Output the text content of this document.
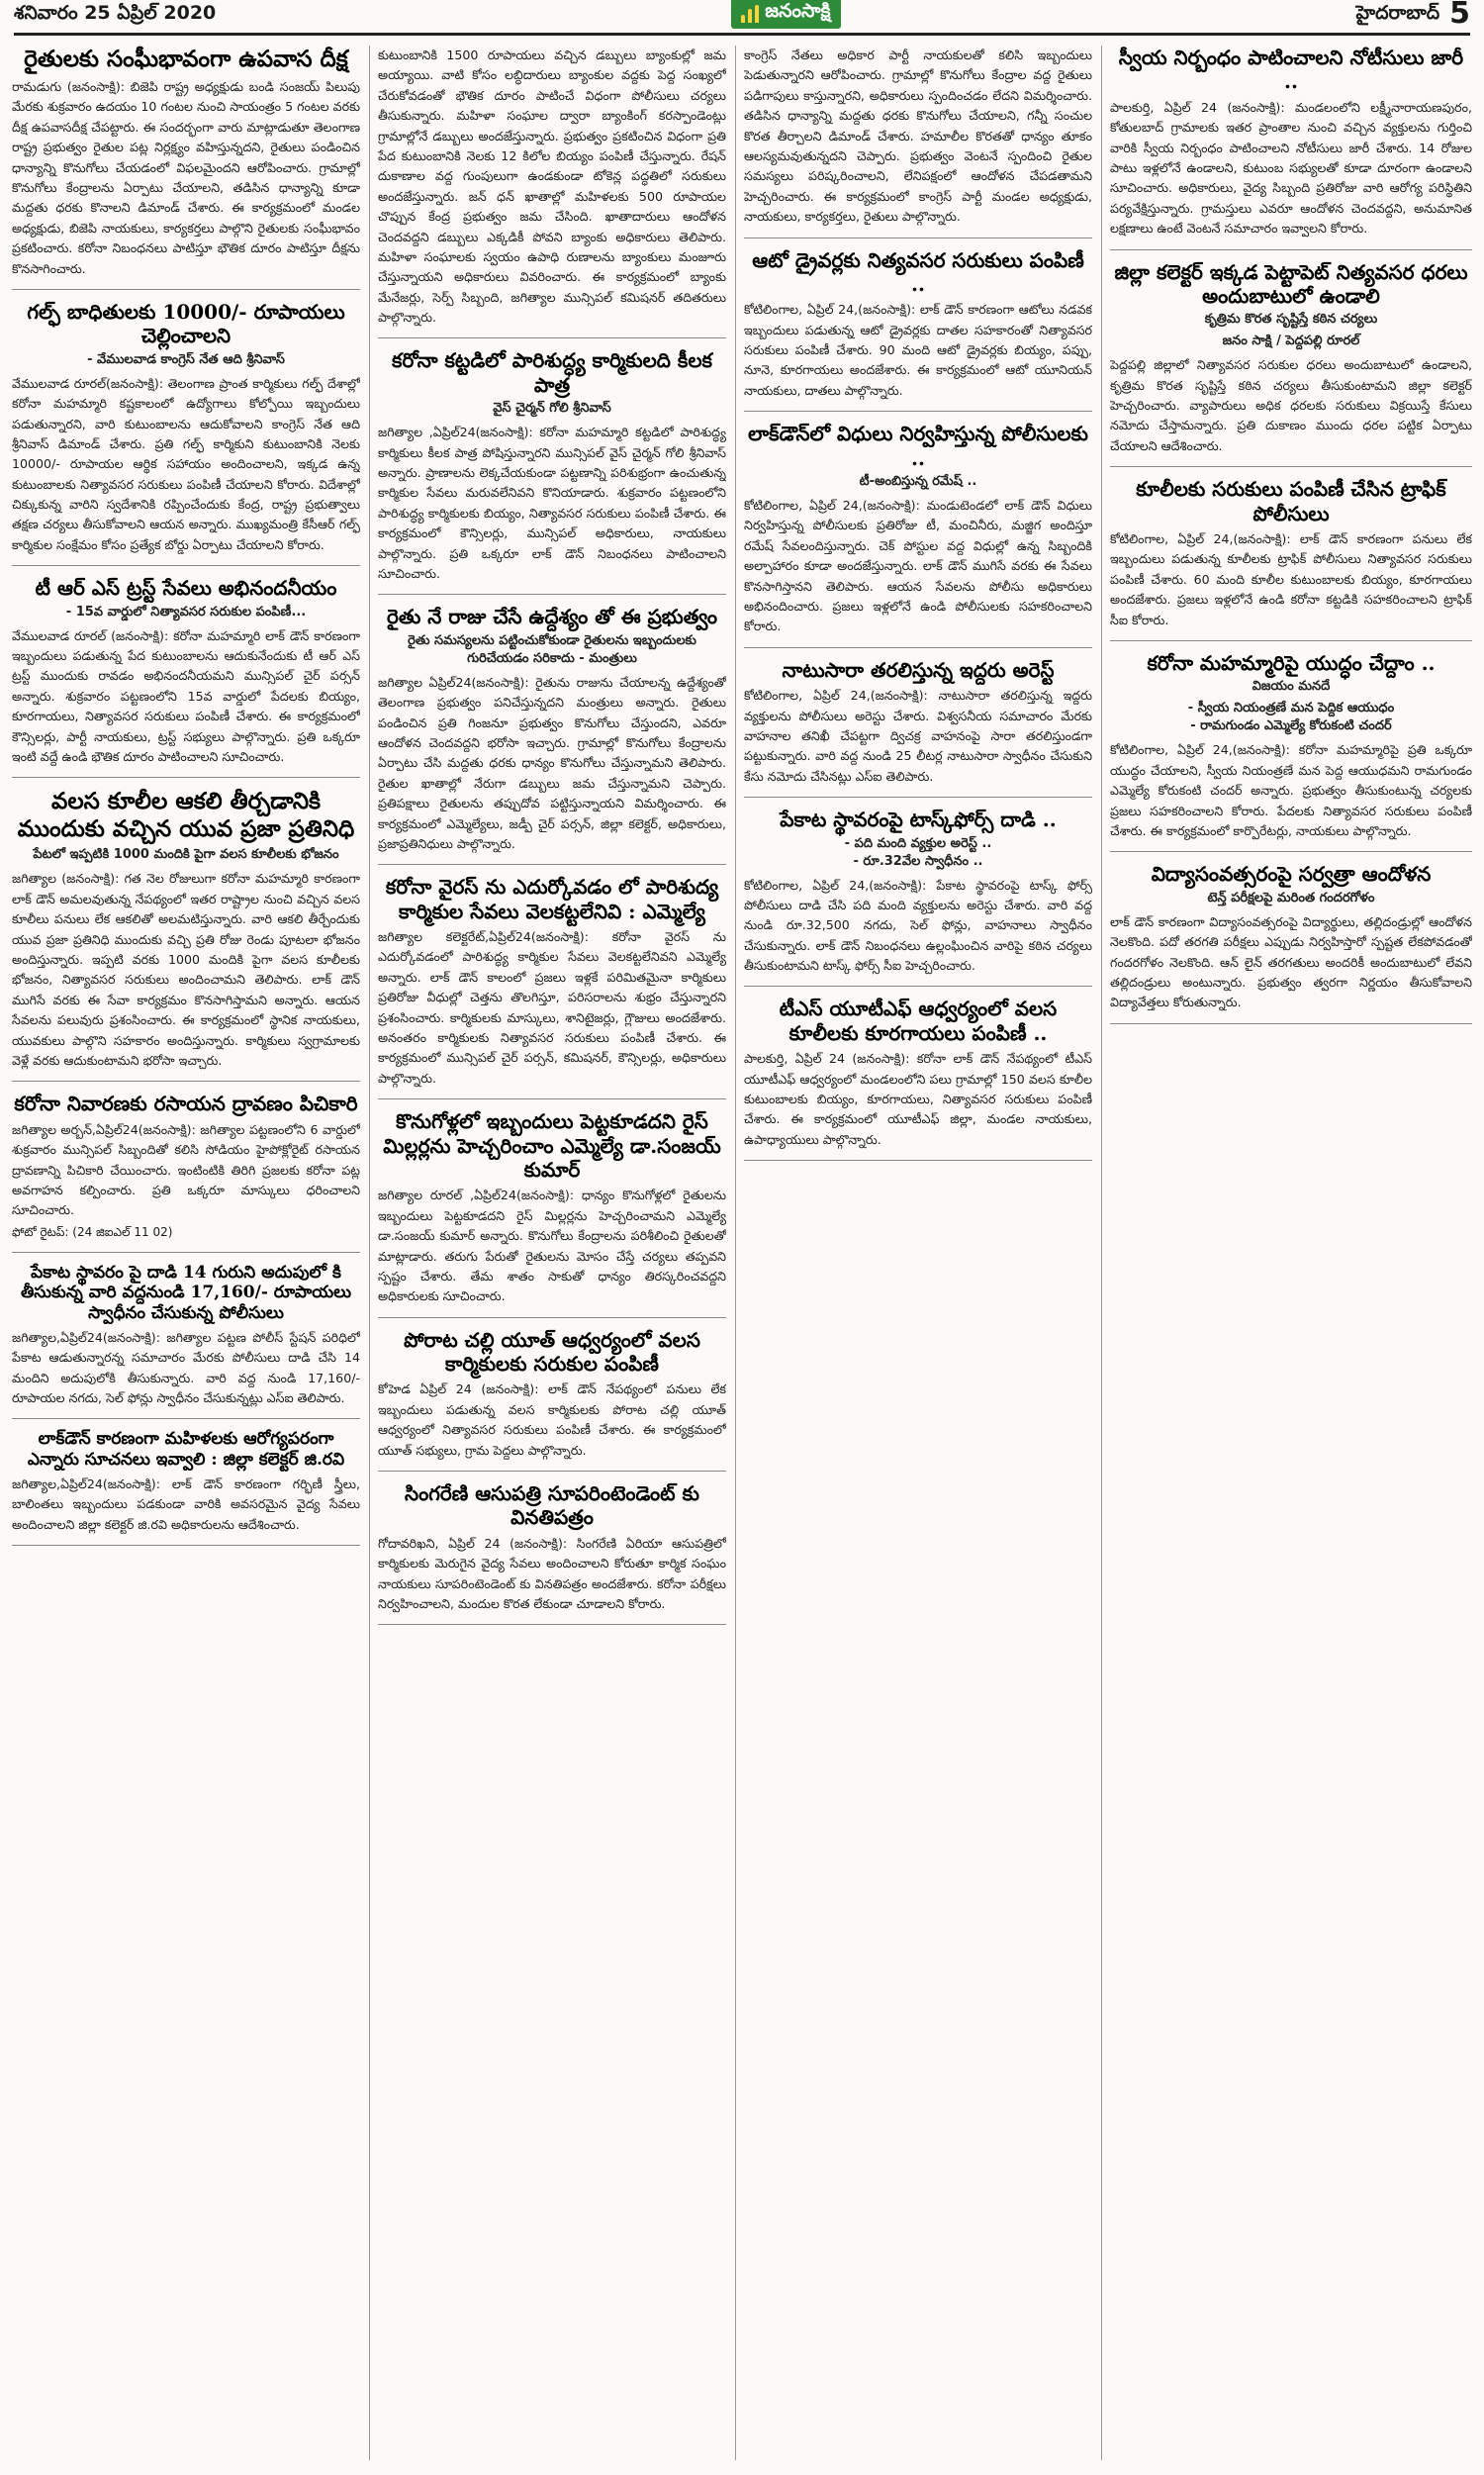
శనివారం 25 ఏప్రిల్ 2020	జనంసాక్షి	హైదరాబాద్ 5
రైతులకు సంఘీభావంగా ఉపవాస దీక్ష

రామడుగు (జనంసాక్షి): బిజెపి రాష్ట్ర అధ్యక్షుడు బండి సంజయ్ పిలుపు మేరకు శుక్రవారం ఉదయం 10 గంటల నుంచి సాయంత్రం 5 గంటల వరకు దీక్ష ఉపవాసదీక్ష చేపట్టారు. ఈ సందర్భంగా వారు మాట్లాడుతూ తెలంగాణ రాష్ట్ర ప్రభుత్వం రైతుల పట్ల నిర్లక్ష్యం వహిస్తున్నదని, రైతులు పండించిన ధాన్యాన్ని కొనుగోలు చేయడంలో విఫలమైందని ఆరోపించారు. గ్రామాల్లో కొనుగోలు కేంద్రాలను ఏర్పాటు చేయాలని, తడిసిన ధాన్యాన్ని కూడా మద్దతు ధరకు కొనాలని డిమాండ్ చేశారు. ఈ కార్యక్రమంలో మండల అధ్యక్షుడు, బిజెపి నాయకులు, కార్యకర్తలు పాల్గొని రైతులకు సంఘీభావం ప్రకటించారు. కరోనా నిబంధనలు పాటిస్తూ భౌతిక దూరం పాటిస్తూ దీక్షను కొనసాగించారు.

గల్ఫ్ బాధితులకు 10000/- రూపాయలు చెల్లించాలని
- వేములవాడ కాంగ్రెస్ నేత ఆది శ్రీనివాస్

వేములవాడ రూరల్(జనంసాక్షి): తెలంగాణ ప్రాంత కార్మికులు గల్ఫ్ దేశాల్లో కరోనా మహమ్మారి కష్టకాలంలో ఉద్యోగాలు కోల్పోయి ఇబ్బందులు పడుతున్నారని, వారి కుటుంబాలను ఆదుకోవాలని కాంగ్రెస్ నేత ఆది శ్రీనివాస్ డిమాండ్ చేశారు. ప్రతి గల్ఫ్ కార్మికుని కుటుంబానికి నెలకు 10000/- రూపాయల ఆర్థిక సహాయం అందించాలని, ఇక్కడ ఉన్న కుటుంబాలకు నిత్యావసర సరుకులు పంపిణీ చేయాలని కోరారు. విదేశాల్లో చిక్కుకున్న వారిని స్వదేశానికి రప్పించేందుకు కేంద్ర, రాష్ట్ర ప్రభుత్వాలు తక్షణ చర్యలు తీసుకోవాలని ఆయన అన్నారు. ముఖ్యమంత్రి కేసీఆర్ గల్ఫ్ కార్మికుల సంక్షేమం కోసం ప్రత్యేక బోర్డు ఏర్పాటు చేయాలని కోరారు.

టీ ఆర్ ఎస్ ట్రస్ట్ సేవలు అభినందనీయం
- 15వ వార్డులో నిత్యావసర సరుకుల పంపిణీ...

వేములవాడ రూరల్ (జనంసాక్షి): కరోనా మహమ్మారి లాక్ డౌన్ కారణంగా ఇబ్బందులు పడుతున్న పేద కుటుంబాలను ఆదుకునేందుకు టీ ఆర్ ఎస్ ట్రస్ట్ ముందుకు రావడం అభినందనీయమని మున్సిపల్ చైర్ పర్సన్ అన్నారు. శుక్రవారం పట్టణంలోని 15వ వార్డులో పేదలకు బియ్యం, కూరగాయలు, నిత్యావసర సరుకులు పంపిణీ చేశారు. ఈ కార్యక్రమంలో కౌన్సిలర్లు, పార్టీ నాయకులు, ట్రస్ట్ సభ్యులు పాల్గొన్నారు. ప్రతి ఒక్కరూ ఇంటి వద్దే ఉండి భౌతిక దూరం పాటించాలని సూచించారు.

వలస కూలీల ఆకలి తీర్చడానికి ముందుకు వచ్చిన యువ ప్రజా ప్రతినిధి
పేటలో ఇప్పటికి 1000 మందికి పైగా వలస కూలీలకు భోజనం

జగిత్యాల (జనంసాక్షి): గత నెల రోజులుగా కరోనా మహమ్మారి కారణంగా లాక్ డౌన్ అమలవుతున్న నేపథ్యంలో ఇతర రాష్ట్రాల నుంచి వచ్చిన వలస కూలీలు పనులు లేక ఆకలితో అలమటిస్తున్నారు. వారి ఆకలి తీర్చేందుకు యువ ప్రజా ప్రతినిధి ముందుకు వచ్చి ప్రతి రోజు రెండు పూటలా భోజనం అందిస్తున్నారు. ఇప్పటి వరకు 1000 మందికి పైగా వలస కూలీలకు భోజనం, నిత్యావసర సరుకులు అందించామని తెలిపారు. లాక్ డౌన్ ముగిసే వరకు ఈ సేవా కార్యక్రమం కొనసాగిస్తామని అన్నారు. ఆయన సేవలను పలువురు ప్రశంసించారు. ఈ కార్యక్రమంలో స్థానిక నాయకులు, యువకులు పాల్గొని సహకారం అందిస్తున్నారు. కార్మికులు స్వగ్రామాలకు వెళ్లే వరకు ఆదుకుంటామని భరోసా ఇచ్చారు.

కరోనా నివారణకు రసాయన ద్రావణం పిచికారి

జగిత్యాల అర్బన్,ఏప్రిల్24(జనంసాక్షి): జగిత్యాల పట్టణంలోని 6 వార్డులో శుక్రవారం మున్సిపల్ సిబ్బందితో కలిసి సోడియం హైపోక్లోరైట్ రసాయన ద్రావణాన్ని పిచికారి చేయించారు. ఇంటింటికి తిరిగి ప్రజలకు కరోనా పట్ల అవగాహన కల్పించారు. ప్రతి ఒక్కరూ మాస్కులు ధరించాలని సూచించారు.

ఫోటో రైటప్: (24 జిఐఎల్ 11 02)
పేకాట స్థావరం పై దాడి 14 గురుని అదుపులో కి తీసుకున్న వారి వద్దనుండి 17,160/- రూపాయలు స్వాధీనం చేసుకున్న పోలీసులు

జగిత్యాల,ఏప్రిల్24(జనంసాక్షి): జగిత్యాల పట్టణ పోలీస్ స్టేషన్ పరిధిలో పేకాట ఆడుతున్నారన్న సమాచారం మేరకు పోలీసులు దాడి చేసి 14 మందిని అదుపులోకి తీసుకున్నారు. వారి వద్ద నుండి 17,160/- రూపాయల నగదు, సెల్ ఫోన్లు స్వాధీనం చేసుకున్నట్లు ఎస్ఐ తెలిపారు.

లాక్‌డౌన్ కారణంగా మహిళలకు ఆరోగ్యపరంగా ఎన్నారు సూచనలు ఇవ్వాలి : జిల్లా కలెక్టర్ జి.రవి

జగిత్యాల,ఏప్రిల్24(జనంసాక్షి): లాక్ డౌన్ కారణంగా గర్భిణీ స్త్రీలు, బాలింతలు ఇబ్బందులు పడకుండా వారికి అవసరమైన వైద్య సేవలు అందించాలని జిల్లా కలెక్టర్ జి.రవి అధికారులను ఆదేశించారు.

కుటుంబానికి 1500 రూపాయలు వచ్చిన డబ్బులు బ్యాంకుల్లో జమ అయ్యాయి. వాటి కోసం లబ్ధిదారులు బ్యాంకుల వద్దకు పెద్ద సంఖ్యలో చేరుకోవడంతో భౌతిక దూరం పాటించే విధంగా పోలీసులు చర్యలు తీసుకున్నారు. మహిళా సంఘాల ద్వారా బ్యాంకింగ్ కరస్పాండెంట్లు గ్రామాల్లోనే డబ్బులు అందజేస్తున్నారు. ప్రభుత్వం ప్రకటించిన విధంగా ప్రతి పేద కుటుంబానికి నెలకు 12 కిలోల బియ్యం పంపిణీ చేస్తున్నారు. రేషన్ దుకాణాల వద్ద గుంపులుగా ఉండకుండా టోకెన్ల పద్ధతిలో సరుకులు అందజేస్తున్నారు. జన్ ధన్ ఖాతాల్లో మహిళలకు 500 రూపాయల చొప్పున కేంద్ర ప్రభుత్వం జమ చేసింది. ఖాతాదారులు ఆందోళన చెందవద్దని డబ్బులు ఎక్కడికీ పోవని బ్యాంకు అధికారులు తెలిపారు. మహిళా సంఘాలకు స్వయం ఉపాధి రుణాలను బ్యాంకులు మంజూరు చేస్తున్నాయని అధికారులు వివరించారు. ఈ కార్యక్రమంలో బ్యాంకు మేనేజర్లు, సెర్ప్ సిబ్బంది, జగిత్యాల మున్సిపల్ కమిషనర్ తదితరులు పాల్గొన్నారు.

కరోనా కట్టడిలో పారిశుద్ధ్య కార్మికులది కీలక పాత్ర
వైస్ చైర్మన్ గోలి శ్రీనివాస్

జగిత్యాల ,ఏప్రిల్24(జనంసాక్షి): కరోనా మహమ్మారి కట్టడిలో పారిశుద్ధ్య కార్మికులు కీలక పాత్ర పోషిస్తున్నారని మున్సిపల్ వైస్ చైర్మన్ గోలి శ్రీనివాస్ అన్నారు. ప్రాణాలను లెక్కచేయకుండా పట్టణాన్ని పరిశుభ్రంగా ఉంచుతున్న కార్మికుల సేవలు మరువలేనివని కొనియాడారు. శుక్రవారం పట్టణంలోని పారిశుద్ధ్య కార్మికులకు బియ్యం, నిత్యావసర సరుకులు పంపిణీ చేశారు. ఈ కార్యక్రమంలో కౌన్సిలర్లు, మున్సిపల్ అధికారులు, నాయకులు పాల్గొన్నారు. ప్రతి ఒక్కరూ లాక్ డౌన్ నిబంధనలు పాటించాలని సూచించారు.

రైతు నే రాజు చేసే ఉద్దేశ్యం తో ఈ ప్రభుత్వం
రైతు సమస్యలను పట్టించుకోకుండా రైతులను ఇబ్బందులకు గురిచేయడం సరికాదు - మంత్రులు

జగిత్యాల ఏప్రిల్24(జనంసాక్షి): రైతును రాజును చేయాలన్న ఉద్దేశ్యంతో తెలంగాణ ప్రభుత్వం పనిచేస్తున్నదని మంత్రులు అన్నారు. రైతులు పండించిన ప్రతి గింజనూ ప్రభుత్వం కొనుగోలు చేస్తుందని, ఎవరూ ఆందోళన చెందవద్దని భరోసా ఇచ్చారు. గ్రామాల్లో కొనుగోలు కేంద్రాలను ఏర్పాటు చేసి మద్దతు ధరకు ధాన్యం కొనుగోలు చేస్తున్నామని తెలిపారు. రైతుల ఖాతాల్లో నేరుగా డబ్బులు జమ చేస్తున్నామని చెప్పారు. ప్రతిపక్షాలు రైతులను తప్పుదోవ పట్టిస్తున్నాయని విమర్శించారు. ఈ కార్యక్రమంలో ఎమ్మెల్యేలు, జడ్పీ చైర్ పర్సన్, జిల్లా కలెక్టర్, అధికారులు, ప్రజాప్రతినిధులు పాల్గొన్నారు.

కరోనా వైరస్ ను ఎదుర్కోవడం లో పారిశుద్య కార్మికుల సేవలు వెలకట్టలేనివి : ఎమ్మెల్యే

జగిత్యాల కలెక్టరేట్,ఏప్రిల్24(జనంసాక్షి): కరోనా వైరస్ ను ఎదుర్కోవడంలో పారిశుద్ధ్య కార్మికుల సేవలు వెలకట్టలేనివని ఎమ్మెల్యే అన్నారు. లాక్ డౌన్ కాలంలో ప్రజలు ఇళ్లకే పరిమితమైనా కార్మికులు ప్రతిరోజు వీధుల్లో చెత్తను తొలగిస్తూ, పరిసరాలను శుభ్రం చేస్తున్నారని ప్రశంసించారు. కార్మికులకు మాస్కులు, శానిటైజర్లు, గ్లౌజులు అందజేశారు. అనంతరం కార్మికులకు నిత్యావసర సరుకులు పంపిణీ చేశారు. ఈ కార్యక్రమంలో మున్సిపల్ చైర్ పర్సన్, కమిషనర్, కౌన్సిలర్లు, అధికారులు పాల్గొన్నారు.

కొనుగోళ్లలో ఇబ్బందులు పెట్టకూడదని రైస్ మిల్లర్లను హెచ్చరించాం ఎమ్మెల్యే డా.సంజయ్ కుమార్

జగిత్యాల రూరల్ ,ఏప్రిల్24(జనంసాక్షి): ధాన్యం కొనుగోళ్లలో రైతులను ఇబ్బందులు పెట్టకూడదని రైస్ మిల్లర్లను హెచ్చరించామని ఎమ్మెల్యే డా.సంజయ్ కుమార్ అన్నారు. కొనుగోలు కేంద్రాలను పరిశీలించి రైతులతో మాట్లాడారు. తరుగు పేరుతో రైతులను మోసం చేస్తే చర్యలు తప్పవని స్పష్టం చేశారు. తేమ శాతం సాకుతో ధాన్యం తిరస్కరించవద్దని అధికారులకు సూచించారు.

పోరాట చల్లి యూత్ ఆధ్వర్యంలో వలస కార్మికులకు సరుకుల పంపిణీ

కోహెడ ఏప్రిల్ 24 (జనంసాక్షి): లాక్ డౌన్ నేపథ్యంలో పనులు లేక ఇబ్బందులు పడుతున్న వలస కార్మికులకు పోరాట చల్లి యూత్ ఆధ్వర్యంలో నిత్యావసర సరుకులు పంపిణీ చేశారు. ఈ కార్యక్రమంలో యూత్ సభ్యులు, గ్రామ పెద్దలు పాల్గొన్నారు.

సింగరేణి ఆసుపత్రి సూపరింటెండెంట్ కు వినతిపత్రం

గోదావరిఖని, ఏప్రిల్ 24 (జనంసాక్షి): సింగరేణి ఏరియా ఆసుపత్రిలో కార్మికులకు మెరుగైన వైద్య సేవలు అందించాలని కోరుతూ కార్మిక సంఘం నాయకులు సూపరింటెండెంట్ కు వినతిపత్రం అందజేశారు. కరోనా పరీక్షలు నిర్వహించాలని, మందుల కొరత లేకుండా చూడాలని కోరారు.

కాంగ్రెస్ నేతలు అధికార పార్టీ నాయకులతో కలిసి ఇబ్బందులు పెడుతున్నారని ఆరోపించారు. గ్రామాల్లో కొనుగోలు కేంద్రాల వద్ద రైతులు పడిగాపులు కాస్తున్నారని, అధికారులు స్పందించడం లేదని విమర్శించారు. తడిసిన ధాన్యాన్ని మద్దతు ధరకు కొనుగోలు చేయాలని, గన్నీ సంచుల కొరత తీర్చాలని డిమాండ్ చేశారు. హమాలీల కొరతతో ధాన్యం తూకం ఆలస్యమవుతున్నదని చెప్పారు. ప్రభుత్వం వెంటనే స్పందించి రైతుల సమస్యలు పరిష్కరించాలని, లేనిపక్షంలో ఆందోళన చేపడతామని హెచ్చరించారు. ఈ కార్యక్రమంలో కాంగ్రెస్ పార్టీ మండల అధ్యక్షుడు, నాయకులు, కార్యకర్తలు, రైతులు పాల్గొన్నారు.

ఆటో డ్రైవర్లకు నిత్యవసర సరుకులు పంపిణీ ..

కోటిలింగాల, ఏప్రిల్ 24,(జనంసాక్షి): లాక్ డౌన్ కారణంగా ఆటోలు నడవక ఇబ్బందులు పడుతున్న ఆటో డ్రైవర్లకు దాతల సహకారంతో నిత్యావసర సరుకులు పంపిణీ చేశారు. 90 మంది ఆటో డ్రైవర్లకు బియ్యం, పప్పు, నూనె, కూరగాయలు అందజేశారు. ఈ కార్యక్రమంలో ఆటో యూనియన్ నాయకులు, దాతలు పాల్గొన్నారు.

లాక్‌డౌన్‌లో విధులు నిర్వహిస్తున్న పోలీసులకు ..
టీ-అంబిస్తున్న రమేష్ ..

కోటిలింగాల, ఏప్రిల్ 24,(జనంసాక్షి): మండుటెండలో లాక్ డౌన్ విధులు నిర్వహిస్తున్న పోలీసులకు ప్రతిరోజు టీ, మంచినీరు, మజ్జిగ అందిస్తూ రమేష్ సేవలందిస్తున్నారు. చెక్ పోస్టుల వద్ద విధుల్లో ఉన్న సిబ్బందికి అల్పాహారం కూడా అందజేస్తున్నారు. లాక్ డౌన్ ముగిసే వరకు ఈ సేవలు కొనసాగిస్తానని తెలిపారు. ఆయన సేవలను పోలీసు అధికారులు అభినందించారు. ప్రజలు ఇళ్లలోనే ఉండి పోలీసులకు సహకరించాలని కోరారు.

నాటుసారా తరలిస్తున్న ఇద్దరు అరెస్ట్

కోటిలింగాల, ఏప్రిల్ 24,(జనంసాక్షి): నాటుసారా తరలిస్తున్న ఇద్దరు వ్యక్తులను పోలీసులు అరెస్టు చేశారు. విశ్వసనీయ సమాచారం మేరకు వాహనాల తనిఖీ చేపట్టగా ద్విచక్ర వాహనంపై సారా తరలిస్తుండగా పట్టుకున్నారు. వారి వద్ద నుండి 25 లీటర్ల నాటుసారా స్వాధీనం చేసుకుని కేసు నమోదు చేసినట్లు ఎస్ఐ తెలిపారు.

పేకాట స్థావరంపై టాస్క్‌ఫోర్స్ దాడి ..
- పది మంది వ్యక్తుల అరెస్ట్ ..
- రూ.32వేల స్వాధీనం ..

కోటిలింగాల, ఏప్రిల్ 24,(జనంసాక్షి): పేకాట స్థావరంపై టాస్క్ ఫోర్స్ పోలీసులు దాడి చేసి పది మంది వ్యక్తులను అరెస్టు చేశారు. వారి వద్ద నుండి రూ.32,500 నగదు, సెల్ ఫోన్లు, వాహనాలు స్వాధీనం చేసుకున్నారు. లాక్ డౌన్ నిబంధనలు ఉల్లంఘించిన వారిపై కఠిన చర్యలు తీసుకుంటామని టాస్క్ ఫోర్స్ సీఐ హెచ్చరించారు.

టీఎస్ యూటీఎఫ్ ఆధ్వర్యంలో వలస కూలీలకు కూరగాయలు పంపిణీ ..

పాలకుర్తి, ఏప్రిల్ 24 (జనంసాక్షి): కరోనా లాక్ డౌన్ నేపథ్యంలో టీఎస్ యూటీఎఫ్ ఆధ్వర్యంలో మండలంలోని పలు గ్రామాల్లో 150 వలస కూలీల కుటుంబాలకు బియ్యం, కూరగాయలు, నిత్యావసర సరుకులు పంపిణీ చేశారు. ఈ కార్యక్రమంలో యూటీఎఫ్ జిల్లా, మండల నాయకులు, ఉపాధ్యాయులు పాల్గొన్నారు.

స్వీయ నిర్బంధం పాటించాలని నోటీసులు జారీ ..

పాలకుర్తి, ఏప్రిల్ 24 (జనంసాక్షి): మండలంలోని లక్ష్మీనారాయణపురం, కోతులబాద్ గ్రామాలకు ఇతర ప్రాంతాల నుంచి వచ్చిన వ్యక్తులను గుర్తించి వారికి స్వీయ నిర్బంధం పాటించాలని నోటీసులు జారీ చేశారు. 14 రోజుల పాటు ఇళ్లలోనే ఉండాలని, కుటుంబ సభ్యులతో కూడా దూరంగా ఉండాలని సూచించారు. అధికారులు, వైద్య సిబ్బంది ప్రతిరోజు వారి ఆరోగ్య పరిస్థితిని పర్యవేక్షిస్తున్నారు. గ్రామస్తులు ఎవరూ ఆందోళన చెందవద్దని, అనుమానిత లక్షణాలు ఉంటే వెంటనే సమాచారం ఇవ్వాలని కోరారు.

జిల్లా కలెక్టర్ ఇక్కడ పెట్టాపెట్ నిత్యవసర ధరలు అందుబాటులో ఉండాలి
కృత్రిమ కొరత సృష్టిస్తే కఠిన చర్యలు
జనం సాక్షి / పెద్దపల్లి రూరల్

పెద్దపల్లి జిల్లాలో నిత్యావసర సరుకుల ధరలు అందుబాటులో ఉండాలని, కృత్రిమ కొరత సృష్టిస్తే కఠిన చర్యలు తీసుకుంటామని జిల్లా కలెక్టర్ హెచ్చరించారు. వ్యాపారులు అధిక ధరలకు సరుకులు విక్రయిస్తే కేసులు నమోదు చేస్తామన్నారు. ప్రతి దుకాణం ముందు ధరల పట్టిక ఏర్పాటు చేయాలని ఆదేశించారు.

కూలీలకు సరుకులు పంపిణీ చేసిన ట్రాఫిక్ పోలీసులు

కోటిలింగాల, ఏప్రిల్ 24,(జనంసాక్షి): లాక్ డౌన్ కారణంగా పనులు లేక ఇబ్బందులు పడుతున్న కూలీలకు ట్రాఫిక్ పోలీసులు నిత్యావసర సరుకులు పంపిణీ చేశారు. 60 మంది కూలీల కుటుంబాలకు బియ్యం, కూరగాయలు అందజేశారు. ప్రజలు ఇళ్లలోనే ఉండి కరోనా కట్టడికి సహకరించాలని ట్రాఫిక్ సీఐ కోరారు.

కరోనా మహమ్మారిపై యుద్ధం చేద్దాం ..
విజయం మనదే
- స్వీయ నియంత్రణే మన పెద్దిక ఆయుధం
- రామగుండం ఎమ్మెల్యే కోరుకంటి చందర్

కోటిలింగాల, ఏప్రిల్ 24,(జనంసాక్షి): కరోనా మహమ్మారిపై ప్రతి ఒక్కరూ యుద్ధం చేయాలని, స్వీయ నియంత్రణే మన పెద్ద ఆయుధమని రామగుండం ఎమ్మెల్యే కోరుకంటి చందర్ అన్నారు. ప్రభుత్వం తీసుకుంటున్న చర్యలకు ప్రజలు సహకరించాలని కోరారు. పేదలకు నిత్యావసర సరుకులు పంపిణీ చేశారు. ఈ కార్యక్రమంలో కార్పొరేటర్లు, నాయకులు పాల్గొన్నారు.

విద్యాసంవత్సరంపై సర్వత్రా ఆందోళన
టెన్త్ పరీక్షలపై మరింత గందరగోళం

లాక్ డౌన్ కారణంగా విద్యాసంవత్సరంపై విద్యార్థులు, తల్లిదండ్రుల్లో ఆందోళన నెలకొంది. పదో తరగతి పరీక్షలు ఎప్పుడు నిర్వహిస్తారో స్పష్టత లేకపోవడంతో గందరగోళం నెలకొంది. ఆన్ లైన్ తరగతులు అందరికీ అందుబాటులో లేవని తల్లిదండ్రులు అంటున్నారు. ప్రభుత్వం త్వరగా నిర్ణయం తీసుకోవాలని విద్యావేత్తలు కోరుతున్నారు.
